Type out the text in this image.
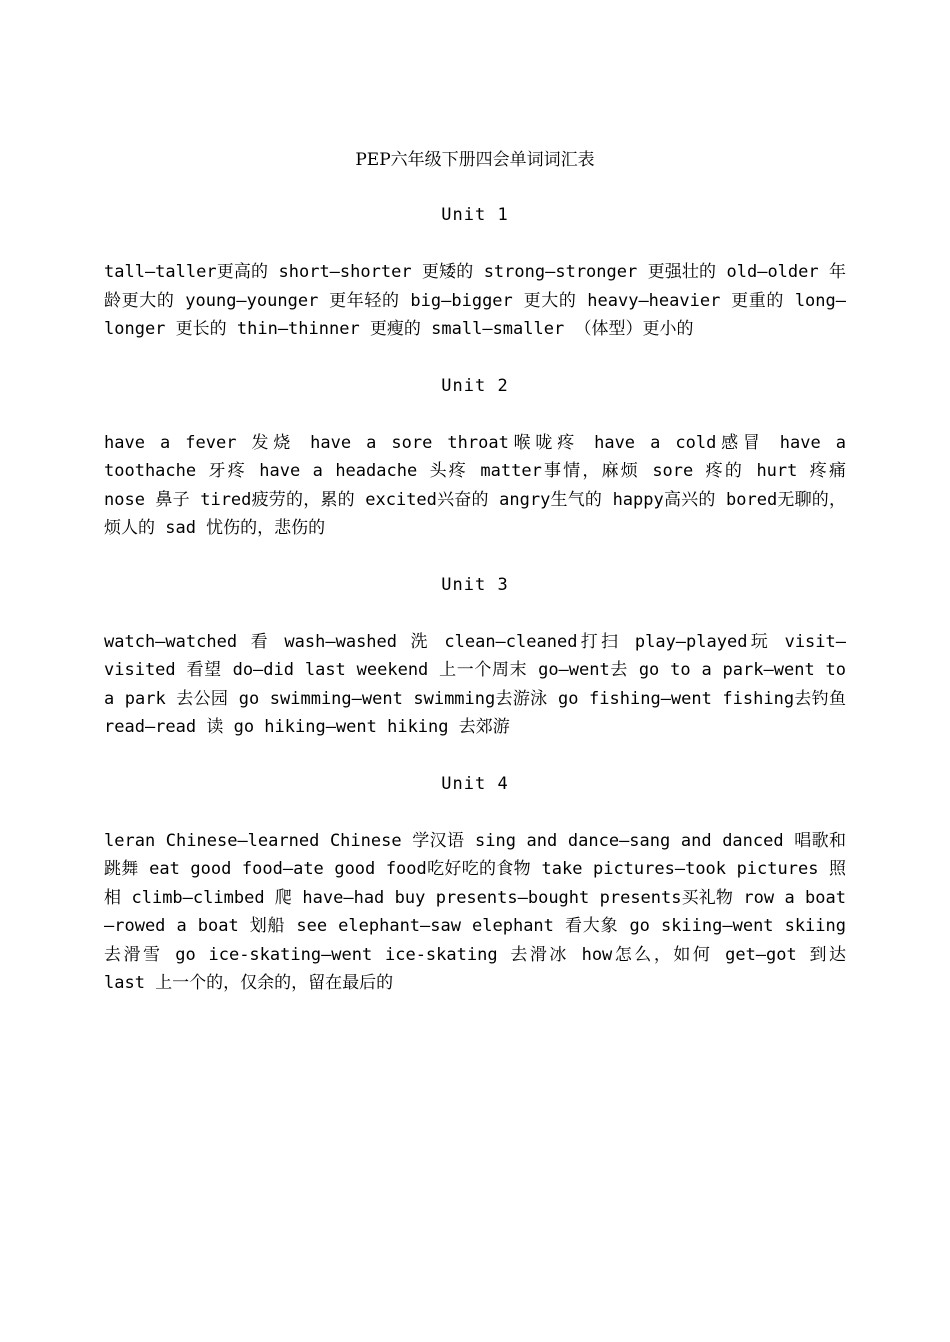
PEP六年级下册四会单词词汇表
Unit 1
tall—taller更高的 short—shorter 更矮的 strong—stronger 更强壮的 old—older 年龄更大的 young—younger 更年轻的 big—bigger 更大的 heavy—heavier 更重的 long—longer 更长的 thin—thinner 更瘦的 small—smaller （体型）更小的
Unit 2
have a fever 发烧 have a sore throat喉咙疼 have a cold感冒 have a toothache 牙疼 have a headache 头疼 matter事情，麻烦 sore 疼的 hurt 疼痛 nose 鼻子 tired疲劳的，累的 excited兴奋的 angry生气的 happy高兴的 bored无聊的，烦人的 sad 忧伤的，悲伤的
Unit 3
watch—watched 看 wash—washed 洗 clean—cleaned打扫 play—played玩 visit—visited 看望 do—did last weekend 上一个周末 go—went去 go to a park—went to a park 去公园 go swimming—went swimming去游泳 go fishing—went fishing去钓鱼 read—read 读 go hiking—went hiking 去郊游
Unit 4
leran Chinese—learned Chinese 学汉语 sing and dance—sang and danced 唱歌和跳舞 eat good food—ate good food吃好吃的食物 take pictures—took pictures 照相 climb—climbed 爬 have—had buy presents—bought presents买礼物 row a boat—rowed a boat 划船 see elephant—saw elephant 看大象 go skiing—went skiing 去滑雪 go ice-skating—went ice-skating 去滑冰 how怎么，如何 get—got 到达 last 上一个的，仅余的，留在最后的
